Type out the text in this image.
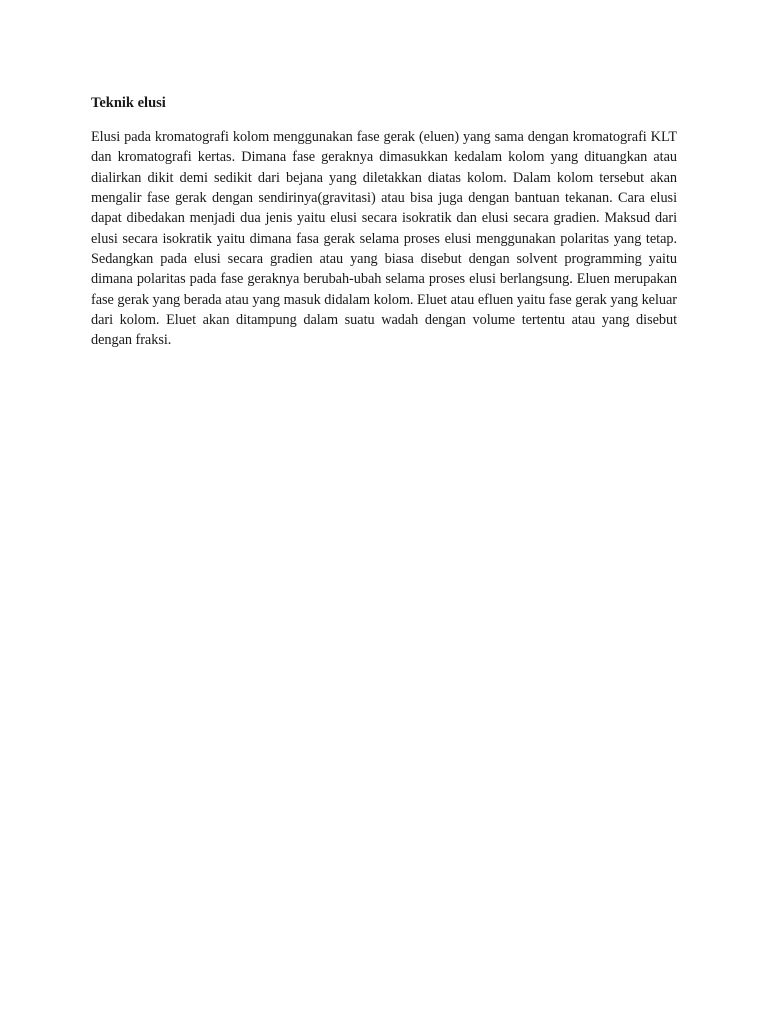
Teknik elusi

Elusi pada kromatografi kolom menggunakan fase gerak (eluen) yang sama dengan kromatografi KLT dan kromatografi kertas. Dimana fase geraknya dimasukkan kedalam kolom yang dituangkan atau dialirkan dikit demi sedikit dari bejana yang diletakkan diatas kolom. Dalam kolom tersebut akan mengalir fase gerak dengan sendirinya(gravitasi) atau bisa juga dengan bantuan tekanan. Cara elusi dapat dibedakan menjadi dua jenis yaitu elusi secara isokratik dan elusi secara gradien. Maksud dari elusi secara isokratik yaitu dimana fasa gerak selama proses elusi menggunakan polaritas yang tetap. Sedangkan pada elusi secara gradien atau yang biasa disebut dengan solvent programming yaitu dimana polaritas pada fase geraknya berubah-ubah selama proses elusi berlangsung. Eluen merupakan fase gerak yang berada atau yang masuk didalam kolom. Eluet atau efluen yaitu fase gerak yang keluar dari kolom. Eluet akan ditampung dalam suatu wadah dengan volume tertentu atau yang disebut dengan fraksi.
